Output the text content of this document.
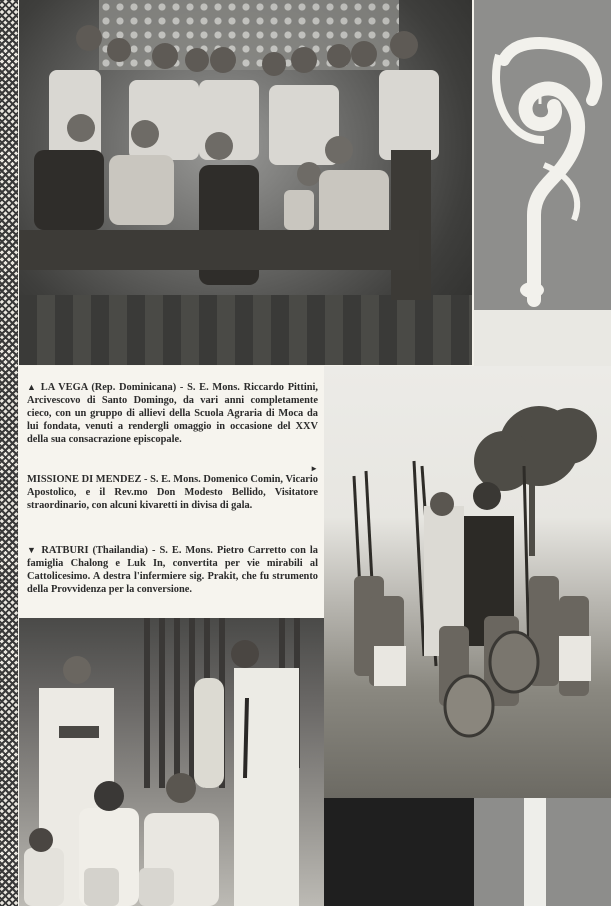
▲ LA VEGA (Rep. Dominicana) - S. E. Mons. Riccardo Pittini, Arcivescovo di Santo Domingo, da vari anni completamente cieco, con un gruppo di allievi della Scuola Agraria di Moca da lui fondata, venuti a rendergli omaggio in occasione del XXV della sua consacrazione episcopale.
►
MISSIONE DI MENDEZ - S. E. Mons. Domenico Comin, Vicario Apostolico, e il Rev.mo Don Modesto Bellido, Visitatore straordinario, con alcuni kivaretti in divisa di gala.
▼ RATBURI (Thailandia) - S. E. Mons. Pietro Carretto con la famiglia Chalong e Luk In, convertita per vie mirabili al Cattolicesimo. A destra l'infermiere sig. Prakit, che fu strumento della Provvidenza per la conversione.
